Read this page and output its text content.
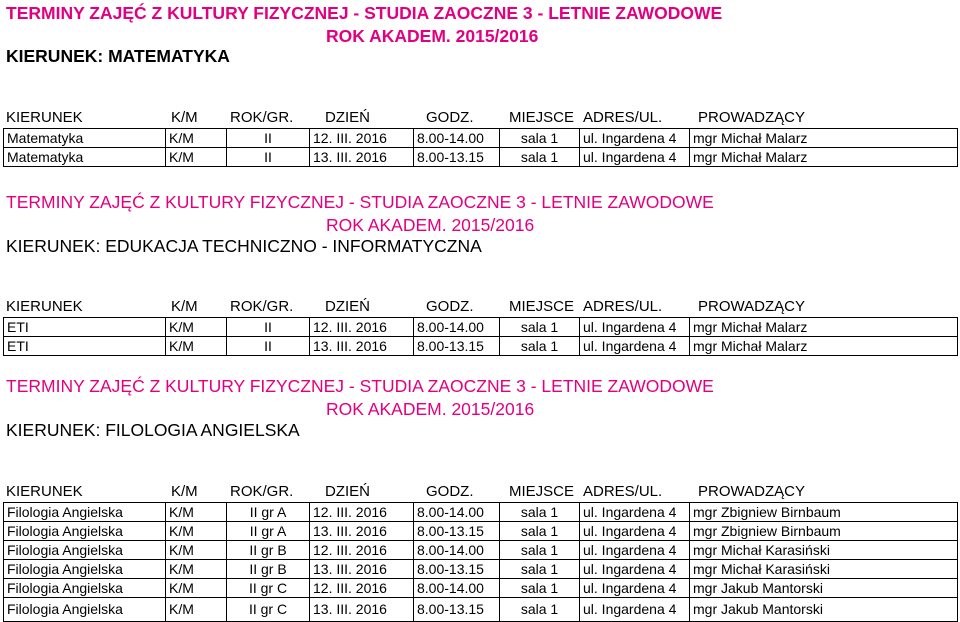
TERMINY ZAJĘĆ Z KULTURY FIZYCZNEJ - STUDIA ZAOCZNE 3 - LETNIE ZAWODOWE
ROK AKADEM. 2015/2016
KIERUNEK: MATEMATYKA
KIERUNEK	K/M ROK/GR. DZIEŃ	GODZ. MIEJSCE ADRES/UL. PROWADZĄCY
Matematyka	K/M	II	12. III. 2016	8.00-14.00	sala 1	ul. Ingardena 4	mgr Michał Malarz
Matematyka	K/M	II	13. III. 2016	8.00-13.15	sala 1	ul. Ingardena 4	mgr Michał Malarz
TERMINY ZAJĘĆ Z KULTURY FIZYCZNEJ - STUDIA ZAOCZNE 3 - LETNIE ZAWODOWE
ROK AKADEM. 2015/2016
KIERUNEK: EDUKACJA TECHNICZNO - INFORMATYCZNA
KIERUNEK	K/M ROK/GR. DZIEŃ	GODZ. MIEJSCE ADRES/UL. PROWADZĄCY
ETI	K/M	II	12. III. 2016	8.00-14.00	sala 1	ul. Ingardena 4	mgr Michał Malarz
ETI	K/M	II	13. III. 2016	8.00-13.15	sala 1	ul. Ingardena 4	mgr Michał Malarz
TERMINY ZAJĘĆ Z KULTURY FIZYCZNEJ - STUDIA ZAOCZNE 3 - LETNIE ZAWODOWE
ROK AKADEM. 2015/2016
KIERUNEK: FILOLOGIA ANGIELSKA
KIERUNEK	K/M ROK/GR. DZIEŃ	GODZ. MIEJSCE ADRES/UL. PROWADZĄCY
Filologia Angielska	K/M	II gr A	12. III. 2016	8.00-14.00	sala 1	ul. Ingardena 4	mgr Zbigniew Birnbaum
Filologia Angielska	K/M	II gr A	13. III. 2016	8.00-13.15	sala 1	ul. Ingardena 4	mgr Zbigniew Birnbaum
Filologia Angielska	K/M	II gr B	12. III. 2016	8.00-14.00	sala 1	ul. Ingardena 4	mgr Michał Karasiński
Filologia Angielska	K/M	II gr B	13. III. 2016	8.00-13.15	sala 1	ul. Ingardena 4	mgr Michał Karasiński
Filologia Angielska	K/M	II gr C	12. III. 2016	8.00-14.00	sala 1	ul. Ingardena 4	mgr Jakub Mantorski
Filologia Angielska	K/M	II gr C	13. III. 2016	8.00-13.15	sala 1	ul. Ingardena 4	mgr Jakub Mantorski
